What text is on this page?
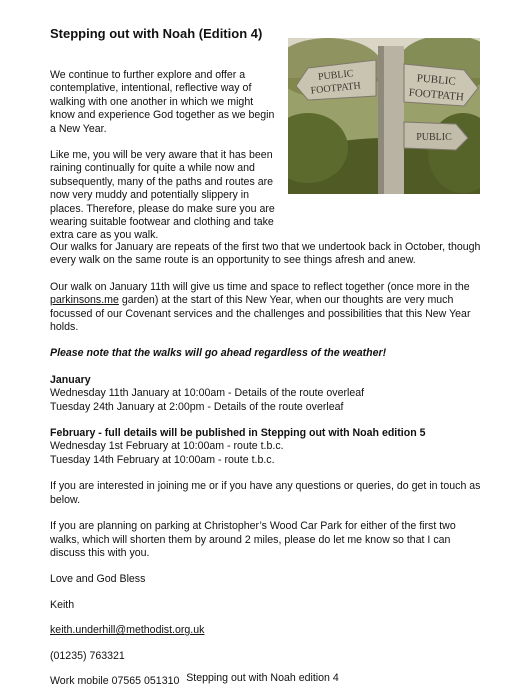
Stepping out with Noah (Edition 4)

We continue to further explore and offer a contemplative, intentional, reflective way of walking with one another in which we might know and experience God together as we begin a New Year.

Like me, you will be very aware that it has been raining continually for quite a while now and subsequently, many of the paths and routes are now very muddy and potentially slippery in places. Therefore, please do make sure you are wearing suitable footwear and clothing and take extra care as you walk.

PUBLIC
FOOTPATH
PUBLIC
FOOTPATH
PUBLIC

Our walks for January are repeats of the first two that we undertook back in October, though every walk on the same route is an opportunity to see things afresh and anew.

Our walk on January 11th will give us time and space to reflect together (once more in the parkinsons.me garden) at the start of this New Year, when our thoughts are very much focussed of our Covenant services and the challenges and possibilities that this New Year holds.

Please note that the walks will go ahead regardless of the weather!

January
Wednesday 11th January at 10:00am - Details of the route overleaf
Tuesday 24th January at 2:00pm - Details of the route overleaf

February - full details will be published in Stepping out with Noah edition 5
Wednesday 1st February at 10:00am - route t.b.c.
Tuesday 14th February at 10:00am - route t.b.c.

If you are interested in joining me or if you have any questions or queries, do get in touch as below.

If you are planning on parking at Christopher’s Wood Car Park for either of the first two walks, which will shorten them by around 2 miles, please do let me know so that I can discuss this with you.

Love and God Bless

Keith

keith.underhill@methodist.org.uk

(01235) 763321

Work mobile 07565 051310 Stepping out with Noah edition 4
